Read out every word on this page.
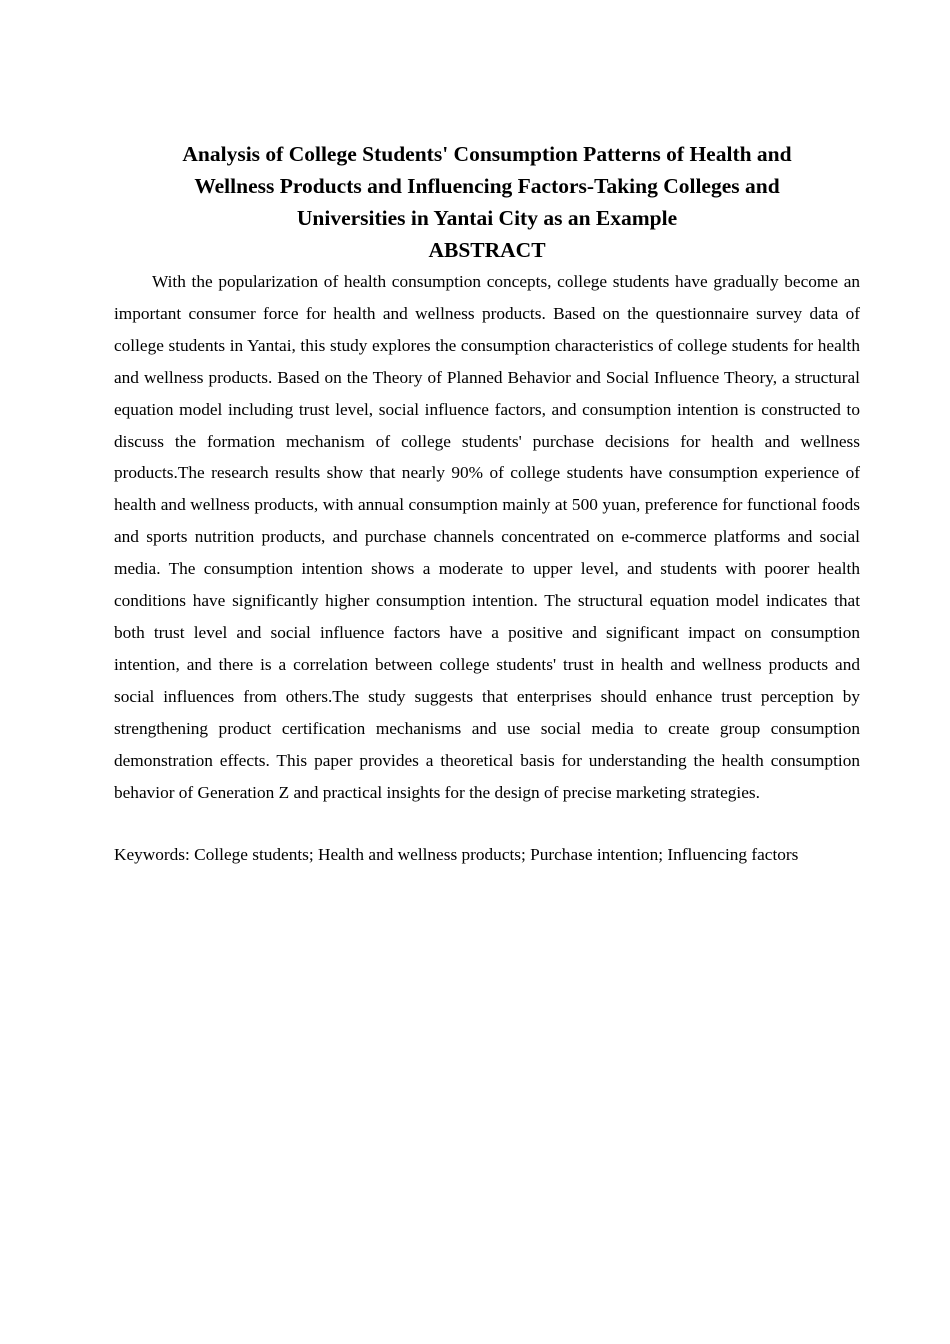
Analysis of College Students' Consumption Patterns of Health and
Wellness Products and Influencing Factors-Taking Colleges and
Universities in Yantai City as an Example
ABSTRACT

With the popularization of health consumption concepts, college students have gradually become an important consumer force for health and wellness products. Based on the questionnaire survey data of college students in Yantai, this study explores the consumption characteristics of college students for health and wellness products. Based on the Theory of Planned Behavior and Social Influence Theory, a structural equation model including trust level, social influence factors, and consumption intention is constructed to discuss the formation mechanism of college students' purchase decisions for health and wellness products.The research results show that nearly 90% of college students have consumption experience of health and wellness products, with annual consumption mainly at 500 yuan, preference for functional foods and sports nutrition products, and purchase channels concentrated on e-commerce platforms and social media. The consumption intention shows a moderate to upper level, and students with poorer health conditions have significantly higher consumption intention. The structural equation model indicates that both trust level and social influence factors have a positive and significant impact on consumption intention, and there is a correlation between college students' trust in health and wellness products and social influences from others.The study suggests that enterprises should enhance trust perception by strengthening product certification mechanisms and use social media to create group consumption demonstration effects. This paper provides a theoretical basis for understanding the health consumption behavior of Generation Z and practical insights for the design of precise marketing strategies.

Keywords: College students; Health and wellness products; Purchase intention; Influencing factors
